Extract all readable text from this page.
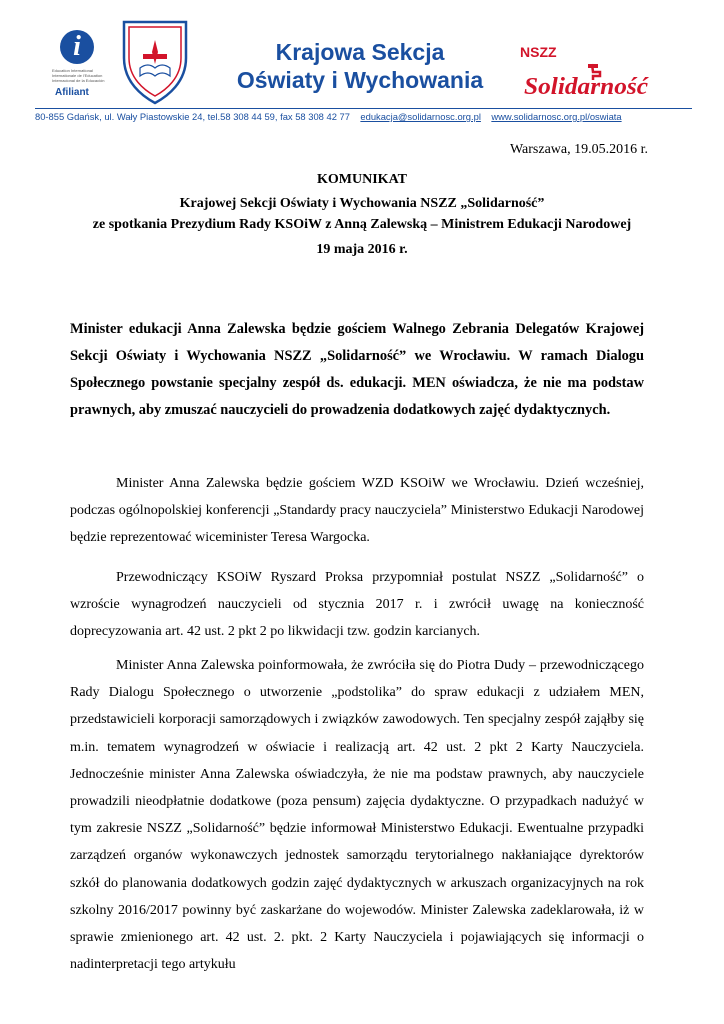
i
Education International Internationale de l'Education Internacional de la Educación
Afiliant
Krajowa Sekcja
Oświaty i Wychowania
NSZZ
Solidarność
80-855 Gdańsk, ul. Wały Piastowskie 24, tel.58 308 44 59, fax 58 308 42 77 edukacja@solidarnosc.org.pl www.solidarnosc.org.pl/oswiata
Warszawa, 19.05.2016 r.
KOMUNIKAT
Krajowej Sekcji Oświaty i Wychowania NSZZ „Solidarność”
ze spotkania Prezydium Rady KSOiW z Anną Zalewską – Ministrem Edukacji Narodowej
19 maja 2016 r.
Minister edukacji Anna Zalewska będzie gościem Walnego Zebrania Delegatów Krajowej Sekcji Oświaty i Wychowania NSZZ „Solidarność” we Wrocławiu. W ramach Dialogu Społecznego powstanie specjalny zespół ds. edukacji. MEN oświadcza, że nie ma podstaw prawnych, aby zmuszać nauczycieli do prowadzenia dodatkowych zajęć dydaktycznych.
Minister Anna Zalewska będzie gościem WZD KSOiW we Wrocławiu. Dzień wcześniej, podczas ogólnopolskiej konferencji „Standardy pracy nauczyciela” Ministerstwo Edukacji Narodowej będzie reprezentować wiceminister Teresa Wargocka.
Przewodniczący KSOiW Ryszard Proksa przypomniał postulat NSZZ „Solidarność” o wzroście wynagrodzeń nauczycieli od stycznia 2017 r. i zwrócił uwagę na konieczność doprecyzowania art. 42 ust. 2 pkt 2 po likwidacji tzw. godzin karcianych.
Minister Anna Zalewska poinformowała, że zwróciła się do Piotra Dudy – przewodniczącego Rady Dialogu Społecznego o utworzenie „podstolika” do spraw edukacji z udziałem MEN, przedstawicieli korporacji samorządowych i związków zawodowych. Ten specjalny zespół zająłby się m.in. tematem wynagrodzeń w oświacie i realizacją art. 42 ust. 2 pkt 2 Karty Nauczyciela. Jednocześnie minister Anna Zalewska oświadczyła, że nie ma podstaw prawnych, aby nauczyciele prowadzili nieodpłatnie dodatkowe (poza pensum) zajęcia dydaktyczne. O przypadkach nadużyć w tym zakresie NSZZ „Solidarność” będzie informował Ministerstwo Edukacji. Ewentualne przypadki zarządzeń organów wykonawczych jednostek samorządu terytorialnego nakłaniające dyrektorów szkół do planowania dodatkowych godzin zajęć dydaktycznych w arkuszach organizacyjnych na rok szkolny 2016/2017 powinny być zaskarżane do wojewodów. Minister Zalewska zadeklarowała, iż w sprawie zmienionego art. 42 ust. 2. pkt. 2 Karty Nauczyciela i pojawiających się informacji o nadinterpretacji tego artykułu
